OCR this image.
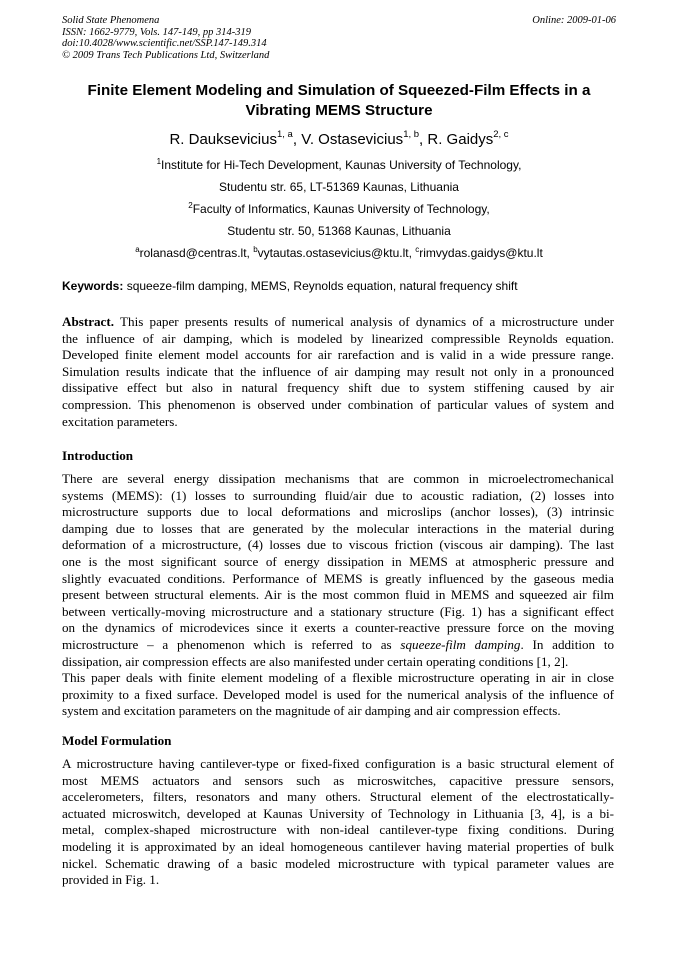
Solid State Phenomena
ISSN: 1662-9779, Vols. 147-149, pp 314-319
doi:10.4028/www.scientific.net/SSP.147-149.314
© 2009 Trans Tech Publications Ltd, Switzerland
Online: 2009-01-06
Finite Element Modeling and Simulation of Squeezed-Film Effects in a
Vibrating MEMS Structure
R. Dauksevicius$^{1, a}$, V. Ostasevicius$^{1, b}$, R. Gaidys$^{2, c}$
$^1$Institute for Hi-Tech Development, Kaunas University of Technology,
Studentu str. 65, LT-51369 Kaunas, Lithuania
$^2$Faculty of Informatics, Kaunas University of Technology,
Studentu str. 50, 51368 Kaunas, Lithuania
$^a$rolanasd@centras.lt, $^b$vytautas.ostasevicius@ktu.lt, $^c$rimvydas.gaidys@ktu.lt
Keywords: squeeze-film damping, MEMS, Reynolds equation, natural frequency shift
Abstract. This paper presents results of numerical analysis of dynamics of a microstructure under
the influence of air damping, which is modeled by linearized compressible Reynolds equation.
Developed finite element model accounts for air rarefaction and is valid in a wide pressure range.
Simulation results indicate that the influence of air damping may result not only in a pronounced
dissipative effect but also in natural frequency shift due to system stiffening caused by air
compression. This phenomenon is observed under combination of particular values of system and
excitation parameters.
Introduction
There are several energy dissipation mechanisms that are common in microelectromechanical
systems (MEMS): (1) losses to surrounding fluid/air due to acoustic radiation, (2) losses into
microstructure supports due to local deformations and microslips (anchor losses), (3) intrinsic
damping due to losses that are generated by the molecular interactions in the material during
deformation of a microstructure, (4) losses due to viscous friction (viscous air damping). The last
one is the most significant source of energy dissipation in MEMS at atmospheric pressure and
slightly evacuated conditions. Performance of MEMS is greatly influenced by the gaseous media
present between structural elements. Air is the most common fluid in MEMS and squeezed air film
between vertically-moving microstructure and a stationary structure (Fig. 1) has a significant effect
on the dynamics of microdevices since it exerts a counter-reactive pressure force on the moving
microstructure – a phenomenon which is referred to as squeeze-film damping. In addition to
dissipation, air compression effects are also manifested under certain operating conditions [1, 2].
This paper deals with finite element modeling of a flexible microstructure operating in air in close
proximity to a fixed surface. Developed model is used for the numerical analysis of the influence of
system and excitation parameters on the magnitude of air damping and air compression effects.
Model Formulation
A microstructure having cantilever-type or fixed-fixed configuration is a basic structural element of
most MEMS actuators and sensors such as microswitches, capacitive pressure sensors,
accelerometers, filters, resonators and many others. Structural element of the electrostatically-
actuated microswitch, developed at Kaunas University of Technology in Lithuania [3, 4], is a bi-
metal, complex-shaped microstructure with non-ideal cantilever-type fixing conditions. During
modeling it is approximated by an ideal homogeneous cantilever having material properties of bulk
nickel. Schematic drawing of a basic modeled microstructure with typical parameter values are
provided in Fig. 1.
